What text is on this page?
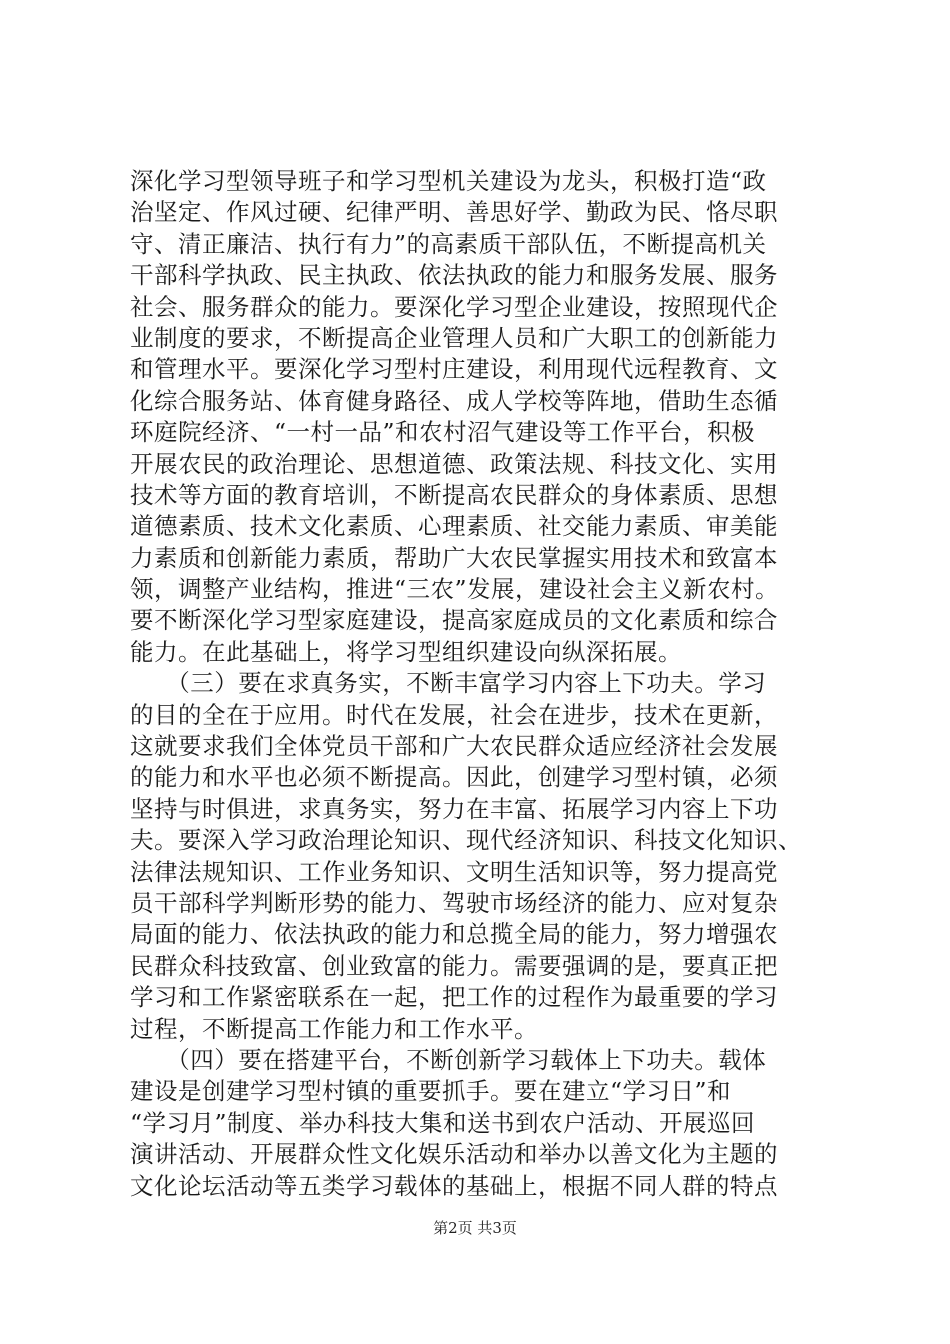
深化学习型领导班子和学习型机关建设为龙头，积极打造“政
治坚定、作风过硬、纪律严明、善思好学、勤政为民、恪尽职
守、清正廉洁、执行有力”的高素质干部队伍，不断提高机关
干部科学执政、民主执政、依法执政的能力和服务发展、服务
社会、服务群众的能力。要深化学习型企业建设，按照现代企
业制度的要求，不断提高企业管理人员和广大职工的创新能力
和管理水平。要深化学习型村庄建设，利用现代远程教育、文
化综合服务站、体育健身路径、成人学校等阵地，借助生态循
环庭院经济、“一村一品”和农村沼气建设等工作平台，积极
开展农民的政治理论、思想道德、政策法规、科技文化、实用
技术等方面的教育培训，不断提高农民群众的身体素质、思想
道德素质、技术文化素质、心理素质、社交能力素质、审美能
力素质和创新能力素质，帮助广大农民掌握实用技术和致富本
领，调整产业结构，推进“三农”发展，建设社会主义新农村。
要不断深化学习型家庭建设，提高家庭成员的文化素质和综合
能力。在此基础上，将学习型组织建设向纵深拓展。
　　（三）要在求真务实，不断丰富学习内容上下功夫。学习
的目的全在于应用。时代在发展，社会在进步，技术在更新，
这就要求我们全体党员干部和广大农民群众适应经济社会发展
的能力和水平也必须不断提高。因此，创建学习型村镇，必须
坚持与时俱进，求真务实，努力在丰富、拓展学习内容上下功
夫。要深入学习政治理论知识、现代经济知识、科技文化知识、
法律法规知识、工作业务知识、文明生活知识等，努力提高党
员干部科学判断形势的能力、驾驶市场经济的能力、应对复杂
局面的能力、依法执政的能力和总揽全局的能力，努力增强农
民群众科技致富、创业致富的能力。需要强调的是，要真正把
学习和工作紧密联系在一起，把工作的过程作为最重要的学习
过程，不断提高工作能力和工作水平。
　　（四）要在搭建平台，不断创新学习载体上下功夫。载体
建设是创建学习型村镇的重要抓手。要在建立“学习日”和
“学习月”制度、举办科技大集和送书到农户活动、开展巡回
演讲活动、开展群众性文化娱乐活动和举办以善文化为主题的
文化论坛活动等五类学习载体的基础上，根据不同人群的特点
第2页 共3页
